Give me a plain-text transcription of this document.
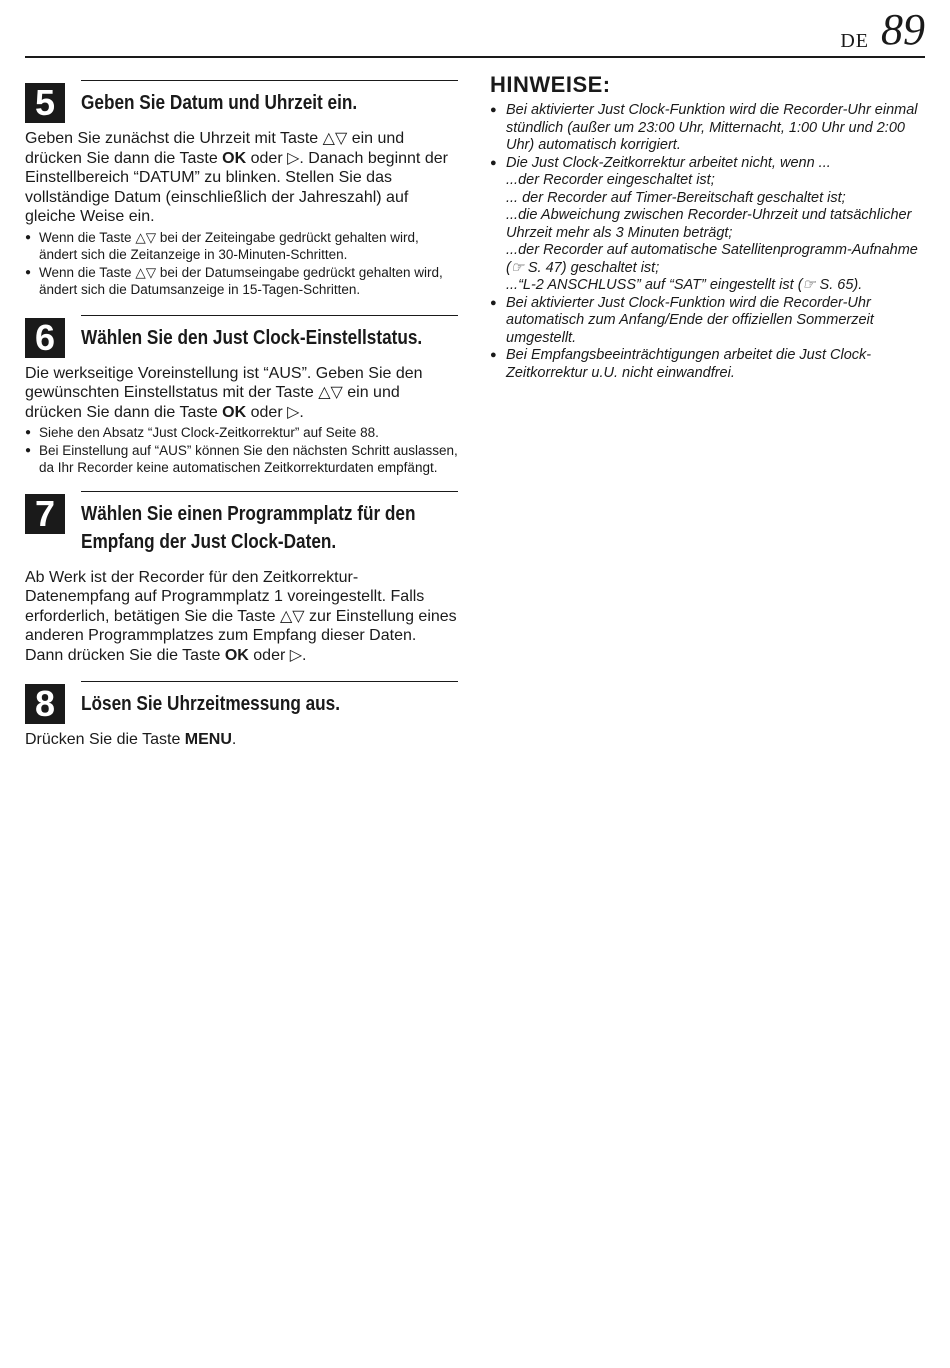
DE 89
5	Geben Sie Datum und Uhrzeit ein.
Geben Sie zunächst die Uhrzeit mit Taste △▽ ein und drücken Sie dann die Taste OK oder ▷. Danach beginnt der Einstellbereich “DATUM” zu blinken. Stellen Sie das vollständige Datum (einschließlich der Jahreszahl) auf gleiche Weise ein.
● Wenn die Taste △▽ bei der Zeiteingabe gedrückt gehalten wird, ändert sich die Zeitanzeige in 30-Minuten-Schritten.
● Wenn die Taste △▽ bei der Datumseingabe gedrückt gehalten wird, ändert sich die Datumsanzeige in 15-Tagen-Schritten.
6	Wählen Sie den Just Clock-Einstellstatus.
Die werkseitige Voreinstellung ist “AUS”. Geben Sie den gewünschten Einstellstatus mit der Taste △▽ ein und drücken Sie dann die Taste OK oder ▷.
● Siehe den Absatz “Just Clock-Zeitkorrektur” auf Seite 88.
● Bei Einstellung auf “AUS” können Sie den nächsten Schritt auslassen, da Ihr Recorder keine automatischen Zeitkorrekturdaten empfängt.
7	Wählen Sie einen Programmplatz für den
Empfang der Just Clock-Daten.
Ab Werk ist der Recorder für den Zeitkorrektur-Datenempfang auf Programmplatz 1 voreingestellt. Falls erforderlich, betätigen Sie die Taste △▽ zur Einstellung eines anderen Programmplatzes zum Empfang dieser Daten. Dann drücken Sie die Taste OK oder ▷.
8	Lösen Sie Uhrzeitmessung aus.
Drücken Sie die Taste MENU.
HINWEISE:
● Bei aktivierter Just Clock-Funktion wird die Recorder-Uhr einmal stündlich (außer um 23:00 Uhr, Mitternacht, 1:00 Uhr und 2:00 Uhr) automatisch korrigiert.
● Die Just Clock-Zeitkorrektur arbeitet nicht, wenn ...
...der Recorder eingeschaltet ist;
... der Recorder auf Timer-Bereitschaft geschaltet ist;
...die Abweichung zwischen Recorder-Uhrzeit und tatsächlicher Uhrzeit mehr als 3 Minuten beträgt;
...der Recorder auf automatische Satellitenprogramm-Aufnahme (☞ S. 47) geschaltet ist;
...“L-2 ANSCHLUSS” auf “SAT” eingestellt ist (☞ S. 65).
● Bei aktivierter Just Clock-Funktion wird die Recorder-Uhr automatisch zum Anfang/Ende der offiziellen Sommerzeit umgestellt.
● Bei Empfangsbeeinträchtigungen arbeitet die Just Clock-Zeitkorrektur u.U. nicht einwandfrei.
